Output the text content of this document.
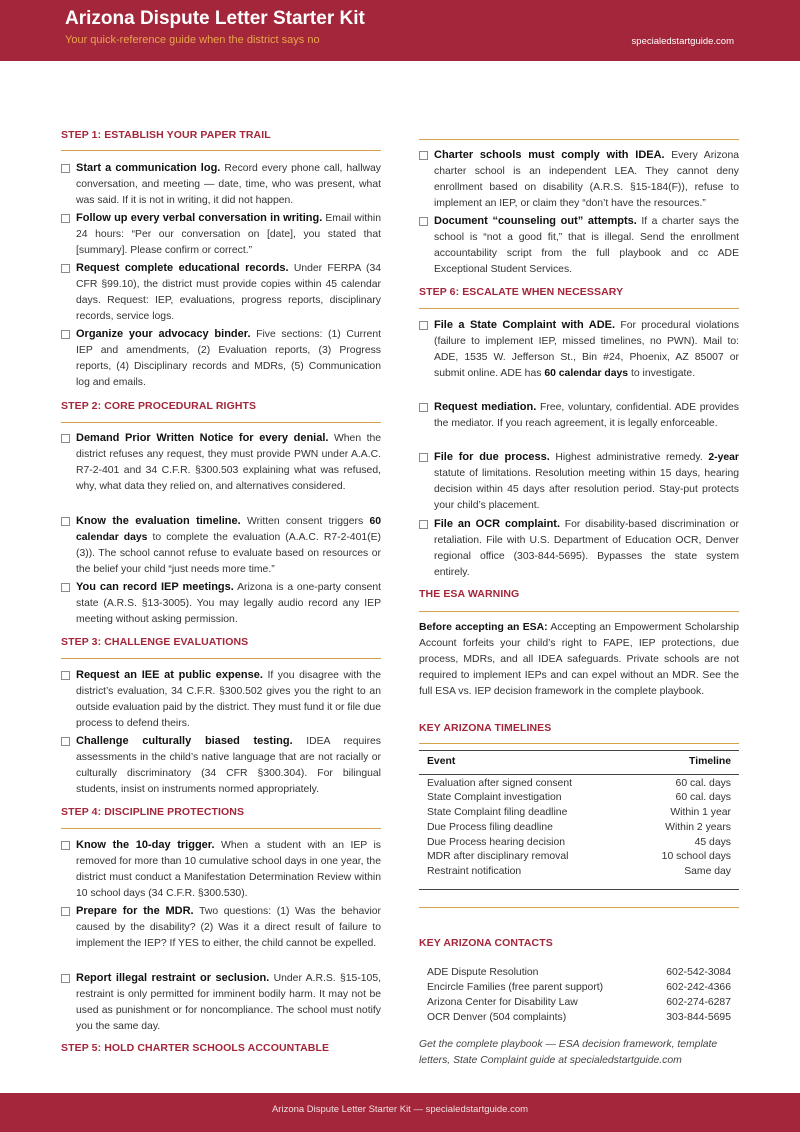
Arizona Dispute Letter Starter Kit
Your quick-reference guide when the district says no	specialedstartguide.com
STEP 1: ESTABLISH YOUR PAPER TRAIL
Start a communication log. Record every phone call, hallway conversation, and meeting — date, time, who was present, what was said. If it is not in writing, it did not happen.
Follow up every verbal conversation in writing. Email within 24 hours: “Per our conversation on [date], you stated that [summary]. Please confirm or correct.”
Request complete educational records. Under FERPA (34 CFR §99.10), the district must provide copies within 45 calendar days. Request: IEP, evaluations, progress reports, disciplinary records, service logs.
Organize your advocacy binder. Five sections: (1) Current IEP and amendments, (2) Evaluation reports, (3) Progress reports, (4) Disciplinary records and MDRs, (5) Communication log and emails.
STEP 2: CORE PROCEDURAL RIGHTS
Demand Prior Written Notice for every denial. When the district refuses any request, they must provide PWN under A.A.C. R7-2-401 and 34 C.F.R. §300.503 explaining what was refused, why, what data they relied on, and alternatives considered.
Know the evaluation timeline. Written consent triggers 60 calendar days to complete the evaluation (A.A.C. R7-2-401(E)(3)). The school cannot refuse to evaluate based on resources or the belief your child “just needs more time.”
You can record IEP meetings. Arizona is a one-party consent state (A.R.S. §13-3005). You may legally audio record any IEP meeting without asking permission.
STEP 3: CHALLENGE EVALUATIONS
Request an IEE at public expense. If you disagree with the district’s evaluation, 34 C.F.R. §300.502 gives you the right to an outside evaluation paid by the district. They must fund it or file due process to defend theirs.
Challenge culturally biased testing. IDEA requires assessments in the child’s native language that are not racially or culturally discriminatory (34 CFR §300.304). For bilingual students, insist on instruments normed appropriately.
STEP 4: DISCIPLINE PROTECTIONS
Know the 10-day trigger. When a student with an IEP is removed for more than 10 cumulative school days in one year, the district must conduct a Manifestation Determination Review within 10 school days (34 C.F.R. §300.530).
Prepare for the MDR. Two questions: (1) Was the behavior caused by the disability? (2) Was it a direct result of failure to implement the IEP? If YES to either, the child cannot be expelled.
Report illegal restraint or seclusion. Under A.R.S. §15-105, restraint is only permitted for imminent bodily harm. It may not be used as punishment or for noncompliance. The school must notify you the same day.
STEP 5: HOLD CHARTER SCHOOLS ACCOUNTABLE
Charter schools must comply with IDEA. Every Arizona charter school is an independent LEA. They cannot deny enrollment based on disability (A.R.S. §15-184(F)), refuse to implement an IEP, or claim they “don’t have the resources.”
Document “counseling out” attempts. If a charter says the school is “not a good fit,” that is illegal. Send the enrollment accountability script from the full playbook and cc ADE Exceptional Student Services.
STEP 6: ESCALATE WHEN NECESSARY
File a State Complaint with ADE. For procedural violations (failure to implement IEP, missed timelines, no PWN). Mail to: ADE, 1535 W. Jefferson St., Bin #24, Phoenix, AZ 85007 or submit online. ADE has 60 calendar days to investigate.
Request mediation. Free, voluntary, confidential. ADE provides the mediator. If you reach agreement, it is legally enforceable.
File for due process. Highest administrative remedy. 2-year statute of limitations. Resolution meeting within 15 days, hearing decision within 45 days after resolution period. Stay-put protects your child’s placement.
File an OCR complaint. For disability-based discrimination or retaliation. File with U.S. Department of Education OCR, Denver regional office (303-844-5695). Bypasses the state system entirely.
THE ESA WARNING
Before accepting an ESA: Accepting an Empowerment Scholarship Account forfeits your child’s right to FAPE, IEP protections, due process, MDRs, and all IDEA safeguards. Private schools are not required to implement IEPs and can expel without an MDR. See the full ESA vs. IEP decision framework in the complete playbook.
KEY ARIZONA TIMELINES
Event	Timeline
Evaluation after signed consent	60 cal. days
State Complaint investigation	60 cal. days
State Complaint filing deadline	Within 1 year
Due Process filing deadline	Within 2 years
Due Process hearing decision	45 days
MDR after disciplinary removal	10 school days
Restraint notification	Same day
KEY ARIZONA CONTACTS
ADE Dispute Resolution	602-542-3084
Encircle Families (free parent support)	602-242-4366
Arizona Center for Disability Law	602-274-6287
OCR Denver (504 complaints)	303-844-5695
Get the complete playbook — ESA decision framework, template letters, State Complaint guide at specialedstartguide.com
Arizona Dispute Letter Starter Kit — specialedstartguide.com
